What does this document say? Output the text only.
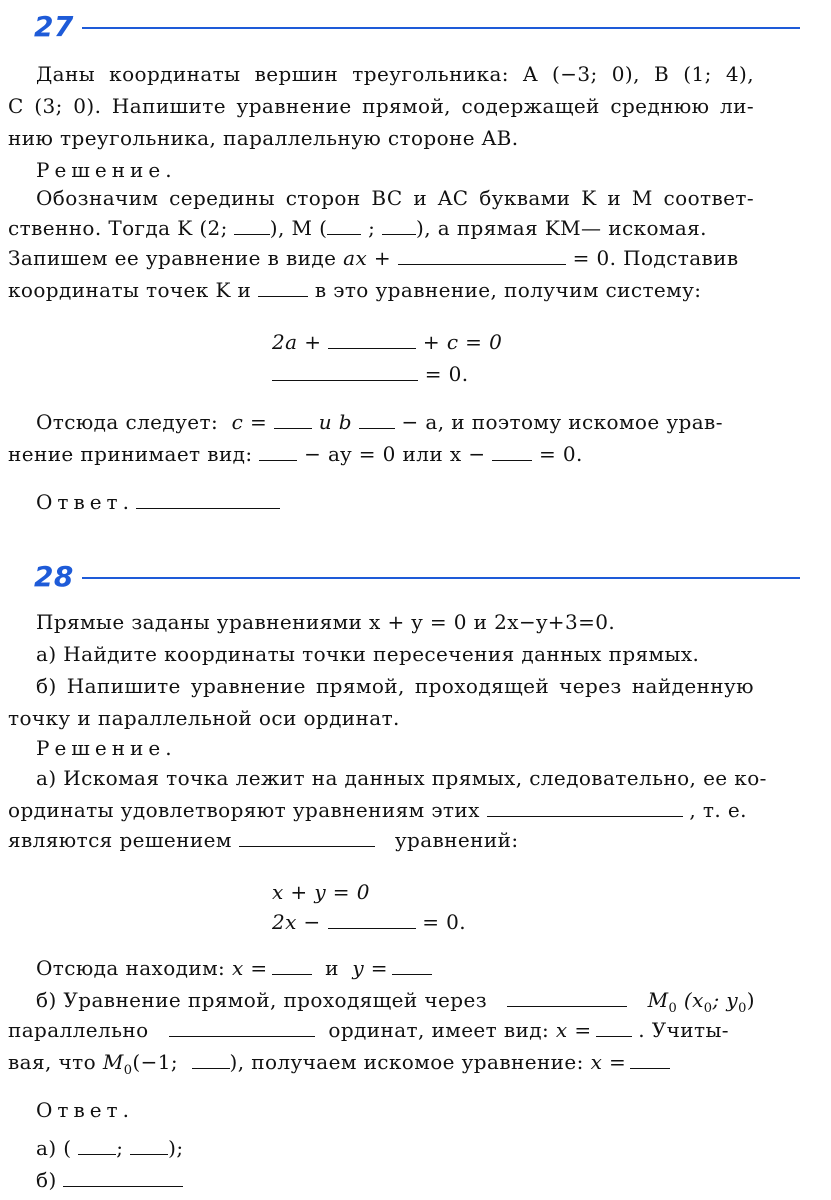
27
Даны координаты вершин треугольника: A (−3; 0), B (1; 4),
C (3; 0). Напишите уравнение прямой, содержащей среднюю ли-
нию треугольника, параллельную стороне AB.
Решение.
Обозначим середины сторон BC и AC буквами K и M соответ-
ственно. Тогда K (2; ), M ( ; ), а прямая KM— искомая.
Запишем ее уравнение в виде ax +	= 0. Подставив
координаты точек K и	в это уравнение, получим систему:
2a +	+ c = 0
= 0.
Отсюда следует: c =	и b − a, и поэтому искомое урав-
нение принимает вид:	− ay = 0 или x −	= 0.
Ответ.
28
Прямые заданы уравнениями x + y = 0 и 2x−y+3=0.
а) Найдите координаты точки пересечения данных прямых.
б) Напишите уравнение прямой, проходящей через найденную
точку и параллельной оси ординат.
Решение.
а) Искомая точка лежит на данных прямых, следовательно, ее ко-
ординаты удовлетворяют уравнениям этих	, т. е.
являются решением	уравнений:
x + y = 0
2x −	= 0.
Отсюда находим: x =	и y =
б) Уравнение прямой, проходящей через	$M_0$ ($x_0$; $y_0$)
параллельно	ординат, имеет вид: x = . Учиты-
вая, что $M_0(-1$;	), получаем искомое уравнение: x =
Ответ.
а) ( ; );
б)
